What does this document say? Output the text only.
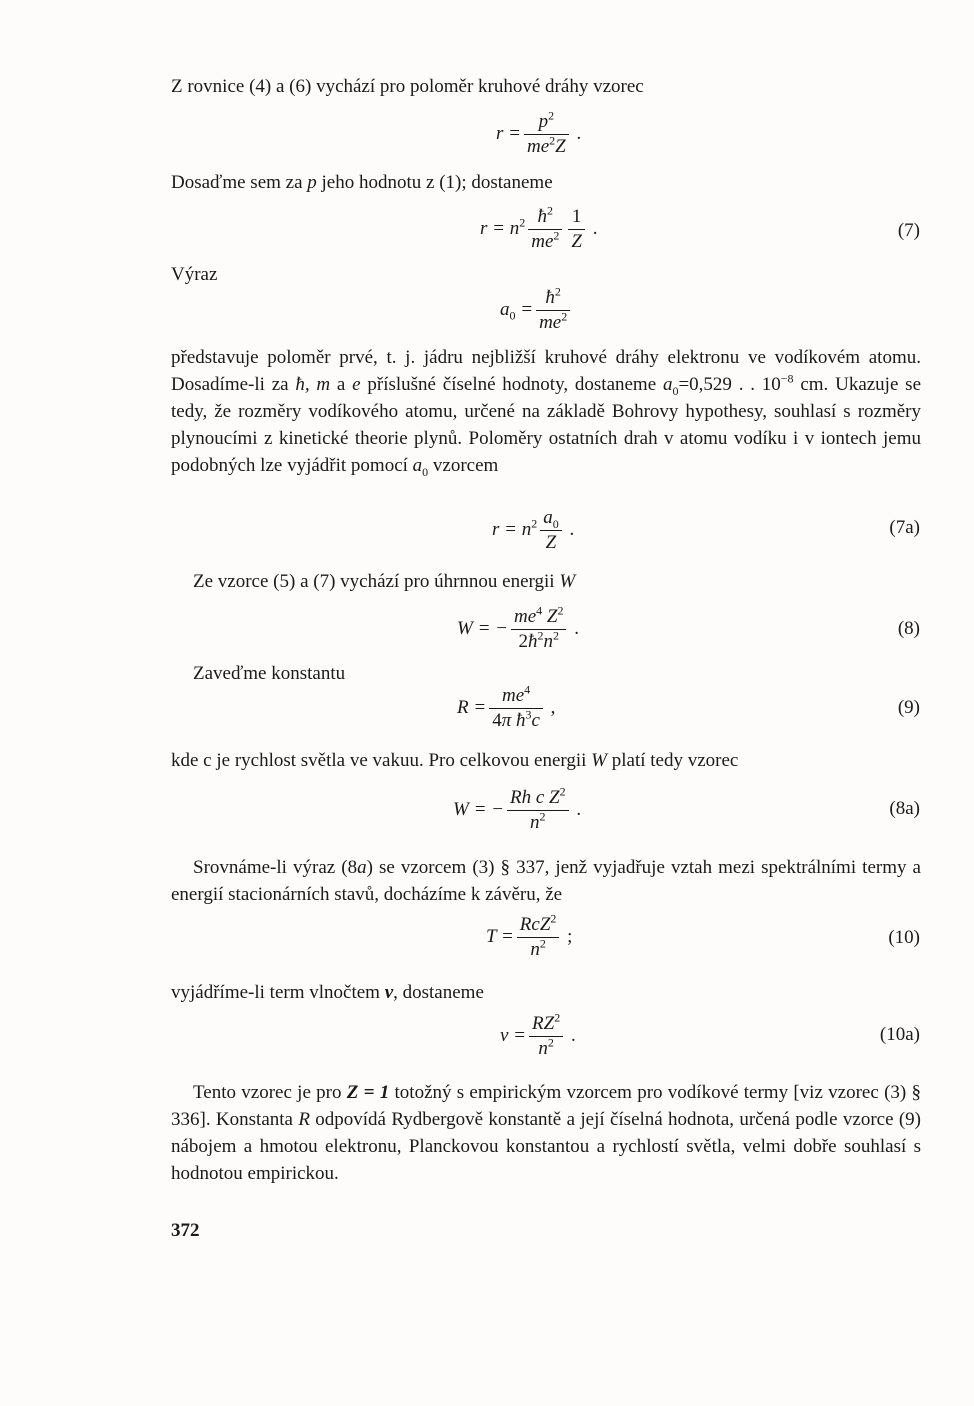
Z rovnice (4) a (6) vychází pro poloměr kruhové dráhy vzorec
$r = \frac{p^2}{me^2Z}$ .
Dosaďme sem za p jeho hodnotu z (1); dostaneme
$r = n^2 \frac{ħ^2}{me^2} \frac{1}{Z}$ .	(7)
Výraz
$a_0 = \frac{ħ^2}{me^2}$
představuje poloměr prvé, t. j. jádru nejbližší kruhové dráhy elektronu ve vodíkovém atomu. Dosadíme-li za ħ, m a e příslušné číselné hodnoty, dostaneme $a_0=0,529$ . . $10^{-8}$ cm. Ukazuje se tedy, že rozměry vodíkového atomu, určené na základě Bohrovy hypothesy, souhlasí s rozměry plynoucími z kinetické theorie plynů. Poloměry ostatních drah v atomu vodíku i v iontech jemu podobných lze vyjádřit pomocí $a_0$ vzorcem
$r = n^2 \frac{a_0}{Z}$ .	(7a)
Ze vzorce (5) a (7) vychází pro úhrnnou energii W
W = − $\frac{me^4 Z^2}{2ħ^2n^2}$ .	(8)
Zaveďme konstantu
$R = \frac{me^4}{4\pi ħ^3c}$ ,	(9)
kde c je rychlost světla ve vakuu. Pro celkovou energii W platí tedy vzorec
W = − $\frac{Rh c Z^2}{n^2}$ .	(8a)
Srovnáme-li výraz (8a) se vzorcem (3) § 337, jenž vyjadřuje vztah mezi spektrálními termy a energií stacionárních stavů, docházíme k závěru, že
$T = \frac{RcZ^2}{n^2}$ ;	(10)
vyjádříme-li term vlnočtem ν, dostaneme
$\nu = \frac{RZ^2}{n^2}$ .	(10a)
Tento vzorec je pro Z = 1 totožný s empirickým vzorcem pro vodíkové termy [viz vzorec (3) § 336]. Konstanta R odpovídá Rydbergově konstantě a její číselná hodnota, určená podle vzorce (9) nábojem a hmotou elektronu, Planckovou konstantou a rychlostí světla, velmi dobře souhlasí s hodnotou empirickou.
372
